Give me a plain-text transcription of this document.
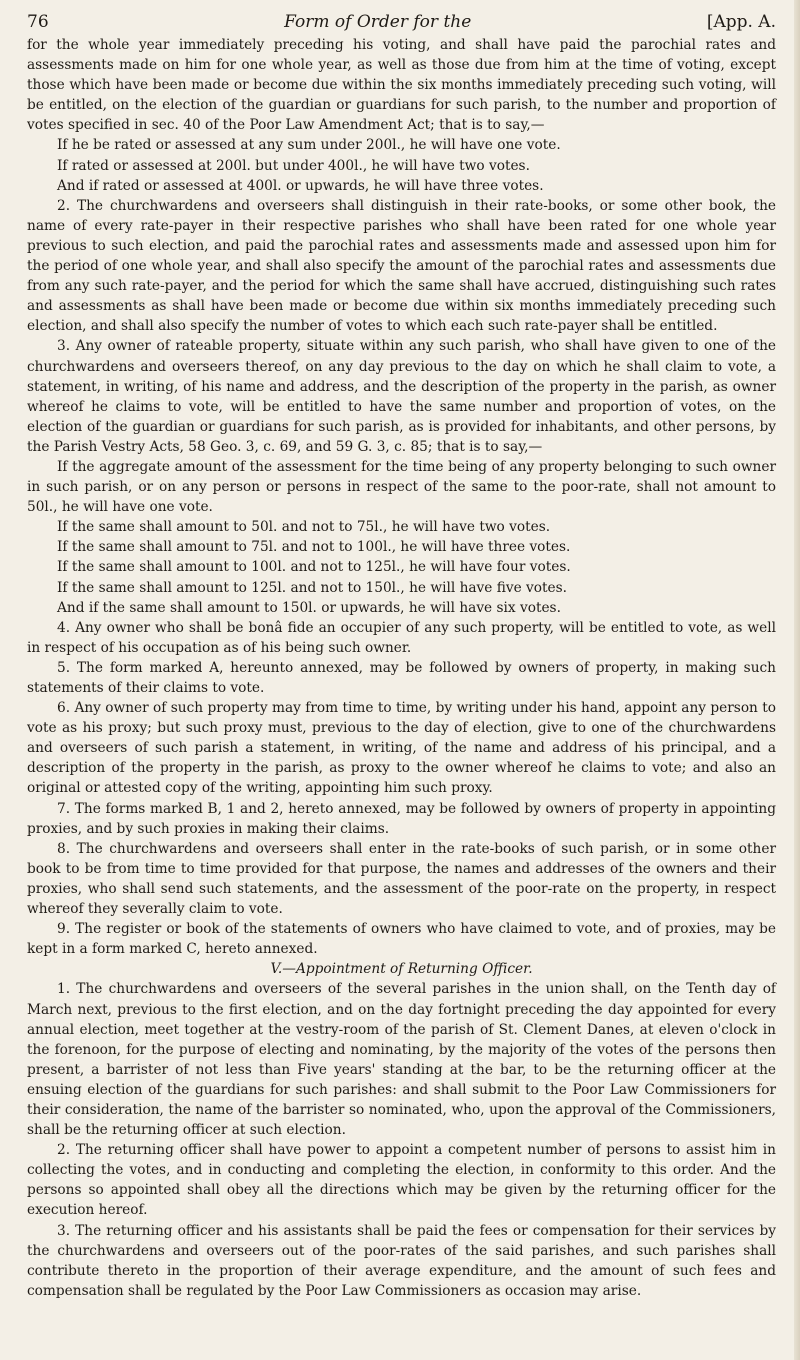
76	Form of Order for the	[App. A.

for the whole year immediately preceding his voting, and shall have paid the parochial rates and assessments made on him for one whole year, as well as those due from him at the time of voting, except those which have been made or become due within the six months immediately preceding such voting, will be entitled, on the election of the guardian or guardians for such parish, to the number and proportion of votes specified in sec. 40 of the Poor Law Amendment Act; that is to say,—

If he be rated or assessed at any sum under 200l., he will have one vote.

If rated or assessed at 200l. but under 400l., he will have two votes.

And if rated or assessed at 400l. or upwards, he will have three votes.

2. The churchwardens and overseers shall distinguish in their rate-books, or some other book, the name of every rate-payer in their respective parishes who shall have been rated for one whole year previous to such election, and paid the parochial rates and assessments made and assessed upon him for the period of one whole year, and shall also specify the amount of the parochial rates and assessments due from any such rate-payer, and the period for which the same shall have accrued, distinguishing such rates and assessments as shall have been made or become due within six months immediately preceding such election, and shall also specify the number of votes to which each such rate-payer shall be entitled.

3. Any owner of rateable property, situate within any such parish, who shall have given to one of the churchwardens and overseers thereof, on any day previous to the day on which he shall claim to vote, a statement, in writing, of his name and address, and the description of the property in the parish, as owner whereof he claims to vote, will be entitled to have the same number and proportion of votes, on the election of the guardian or guardians for such parish, as is provided for inhabitants, and other persons, by the Parish Vestry Acts, 58 Geo. 3, c. 69, and 59 G. 3, c. 85; that is to say,—

If the aggregate amount of the assessment for the time being of any property belonging to such owner in such parish, or on any person or persons in respect of the same to the poor-rate, shall not amount to 50l., he will have one vote.

If the same shall amount to 50l. and not to 75l., he will have two votes.

If the same shall amount to 75l. and not to 100l., he will have three votes.

If the same shall amount to 100l. and not to 125l., he will have four votes.

If the same shall amount to 125l. and not to 150l., he will have five votes.

And if the same shall amount to 150l. or upwards, he will have six votes.

4. Any owner who shall be bonâ fide an occupier of any such property, will be entitled to vote, as well in respect of his occupation as of his being such owner.

5. The form marked A, hereunto annexed, may be followed by owners of property, in making such statements of their claims to vote.

6. Any owner of such property may from time to time, by writing under his hand, appoint any person to vote as his proxy; but such proxy must, previous to the day of election, give to one of the churchwardens and overseers of such parish a statement, in writing, of the name and address of his principal, and a description of the property in the parish, as proxy to the owner whereof he claims to vote; and also an original or attested copy of the writing, appointing him such proxy.

7. The forms marked B, 1 and 2, hereto annexed, may be followed by owners of property in appointing proxies, and by such proxies in making their claims.

8. The churchwardens and overseers shall enter in the rate-books of such parish, or in some other book to be from time to time provided for that purpose, the names and addresses of the owners and their proxies, who shall send such statements, and the assessment of the poor-rate on the property, in respect whereof they severally claim to vote.

9. The register or book of the statements of owners who have claimed to vote, and of proxies, may be kept in a form marked C, hereto annexed.

V.—Appointment of Returning Officer.

1. The churchwardens and overseers of the several parishes in the union shall, on the Tenth day of March next, previous to the first election, and on the day fortnight preceding the day appointed for every annual election, meet together at the vestry-room of the parish of St. Clement Danes, at eleven o'clock in the forenoon, for the purpose of electing and nominating, by the majority of the votes of the persons then present, a barrister of not less than Five years' standing at the bar, to be the returning officer at the ensuing election of the guardians for such parishes: and shall submit to the Poor Law Commissioners for their consideration, the name of the barrister so nominated, who, upon the approval of the Commissioners, shall be the returning officer at such election.

2. The returning officer shall have power to appoint a competent number of persons to assist him in collecting the votes, and in conducting and completing the election, in conformity to this order. And the persons so appointed shall obey all the directions which may be given by the returning officer for the execution hereof.

3. The returning officer and his assistants shall be paid the fees or compensation for their services by the churchwardens and overseers out of the poor-rates of the said parishes, and such parishes shall contribute thereto in the proportion of their average expenditure, and the amount of such fees and compensation shall be regulated by the Poor Law Commissioners as occasion may arise.
